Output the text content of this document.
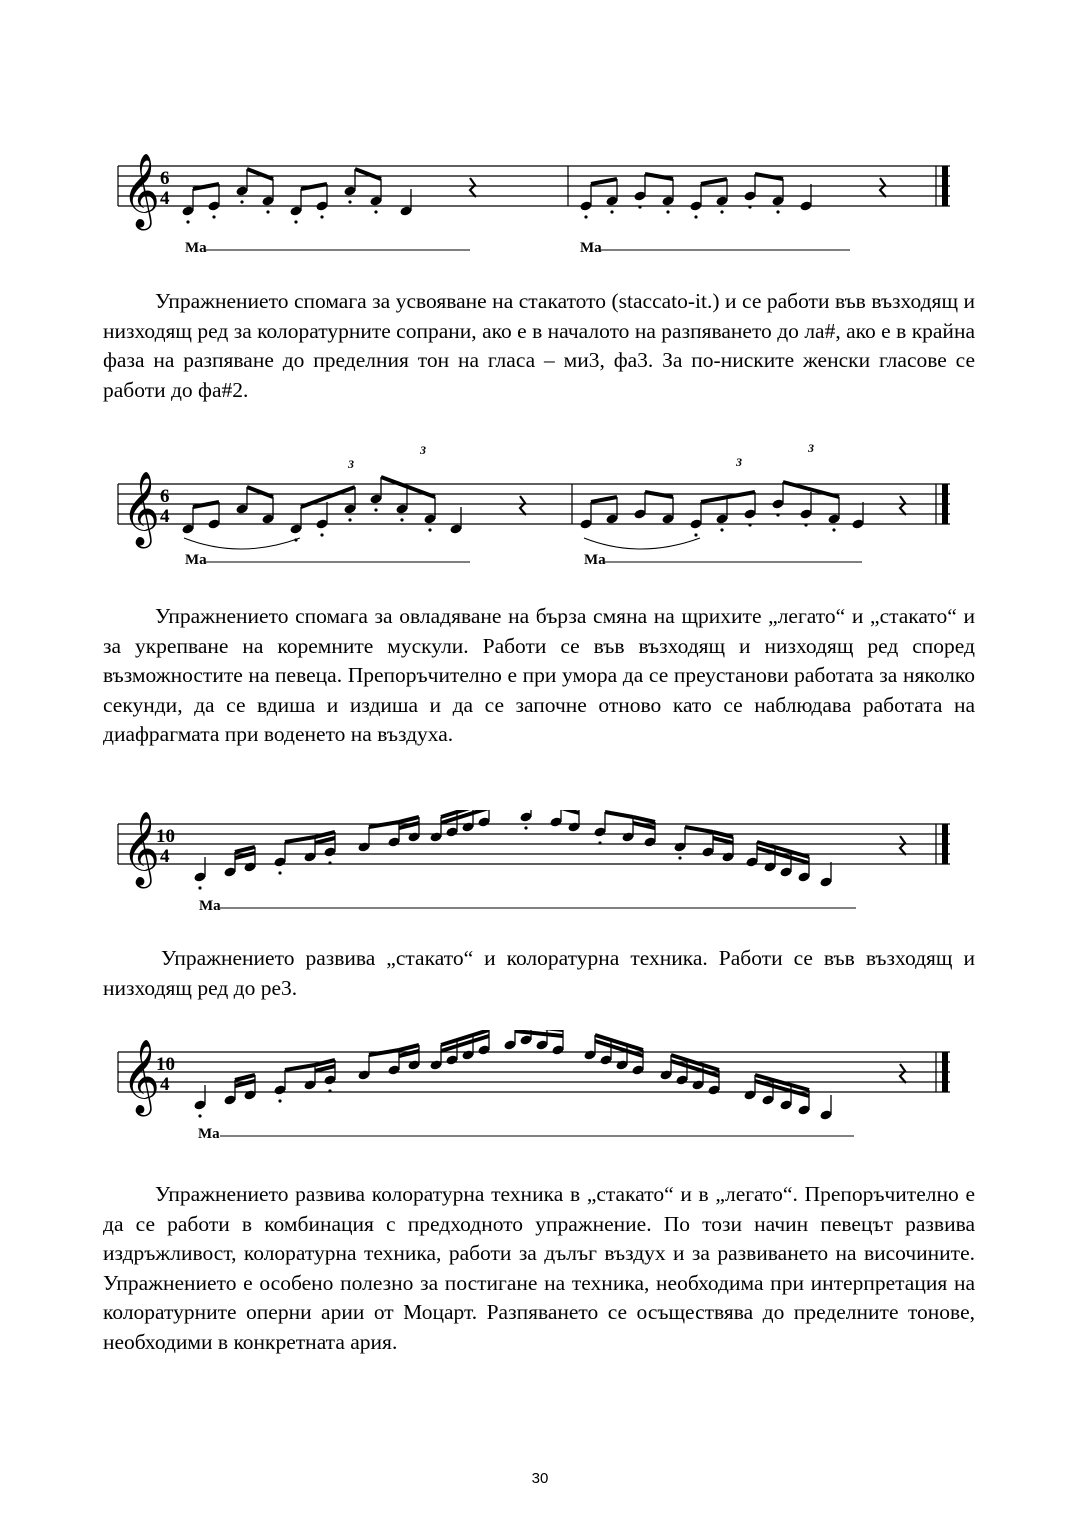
𝄞 6
4
Ma	Ma

Упражнението спомага за усвояване на стакатото (staccato-it.) и се работи във възходящ и низходящ ред за колоратурните сопрани, ако е в началото на разпяването до ла#, ако е в крайна фаза на разпяване до пределния тон на гласа – ми3, фа3. За по-ниските женски гласове се работи до фа#2.

𝄞 6
4
3
3
3
3
Ma	Ma

Упражнението спомага за овладяване на бърза смяна на щрихите „легато“ и „стакато“ и за укрепване на коремните мускули. Работи се във възходящ и низходящ ред според възможностите на певеца. Препоръчително е при умора да се преустанови работата за няколко секунди, да се вдиша и издиша и да се започне отново като се наблюдава работата на диафрагмата при воденето на въздуха.

𝄞
10
4
Ma

Упражнението развива „стакато“ и колоратурна техника. Работи се във възходящ и низходящ ред до ре3.

𝄞
10
4
Ma

Упражнението развива колоратурна техника в „стакато“ и в „легато“. Препоръчително е да се работи в комбинация с предходното упражнение. По този начин певецът развива издръжливост, колоратурна техника, работи за дълъг въздух и за развиването на височините. Упражнението е особено полезно за постигане на техника, необходима при интерпретация на колоратурните оперни арии от Моцарт. Разпяването се осъществява до пределните тонове, необходими в конкретната ария.

30
